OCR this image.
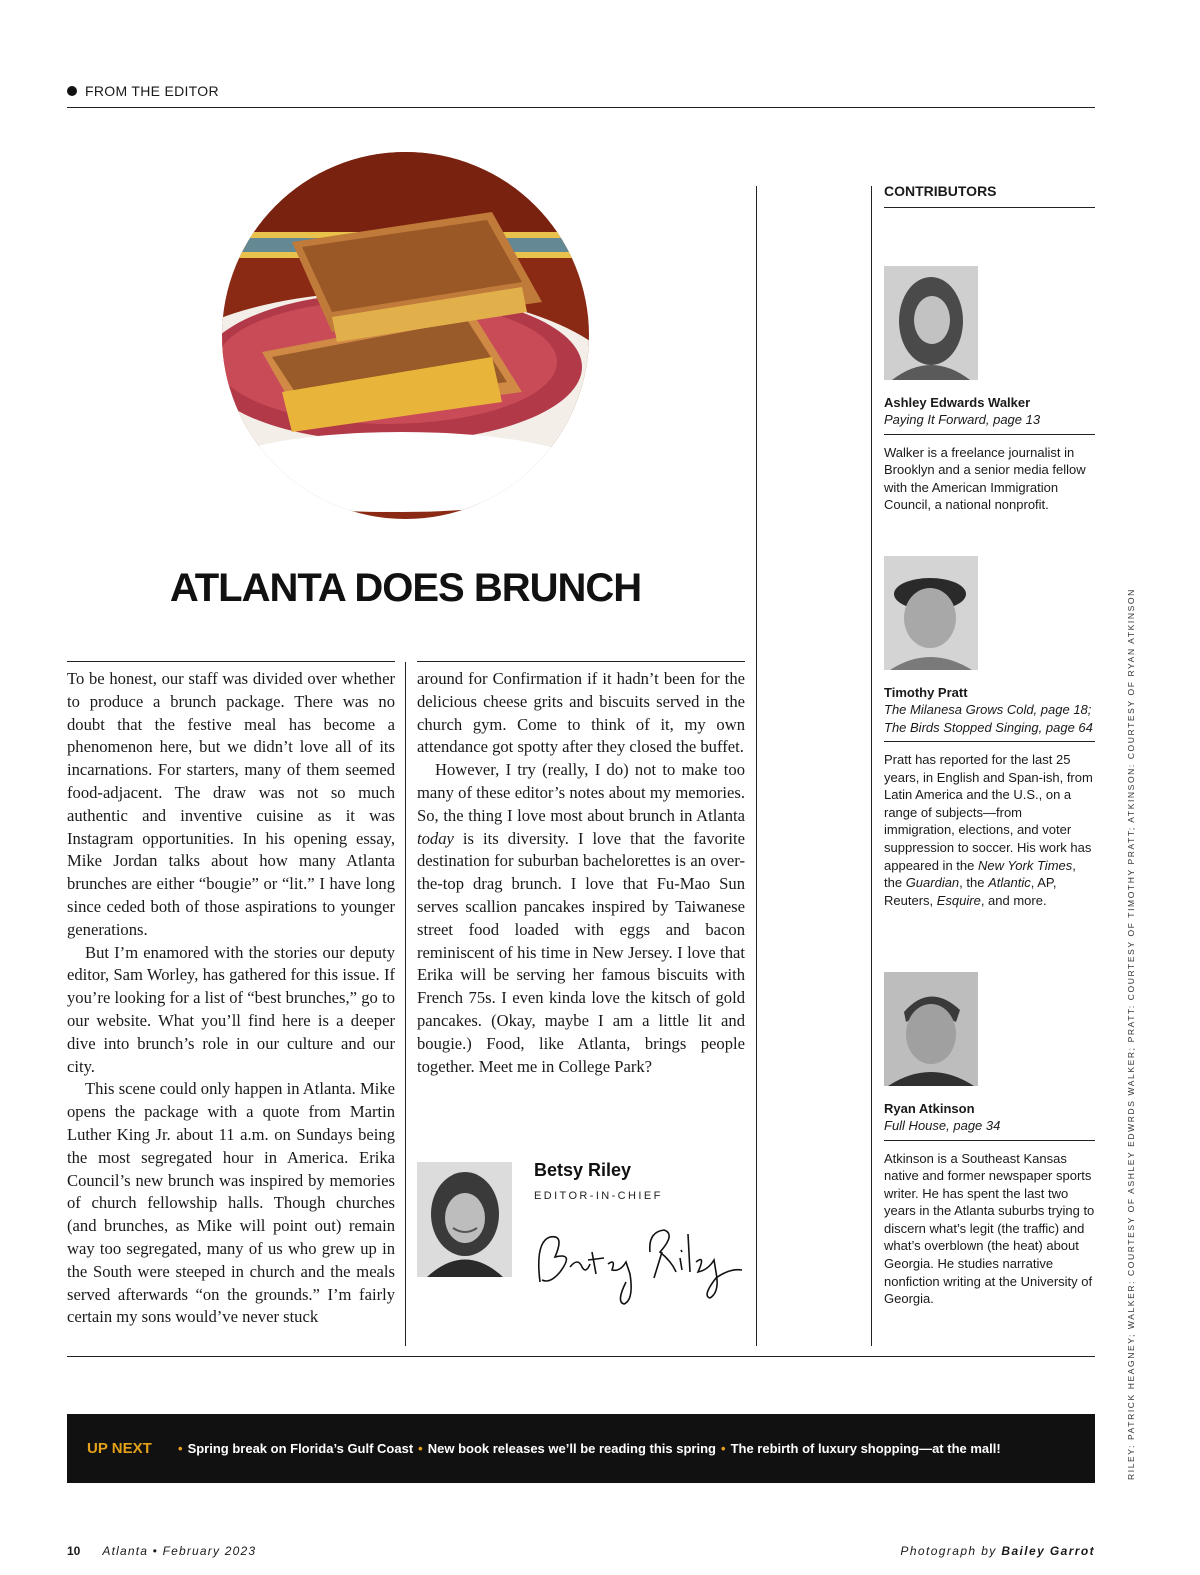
FROM THE EDITOR
ATLANTA DOES BRUNCH

To be honest, our staff was divided over whether to produce a brunch package. There was no doubt that the festive meal has become a phenomenon here, but we didn’t love all of its incarnations. For starters, many of them seemed food-adjacent. The draw was not so much authentic and inventive cuisine as it was Instagram opportunities. In his opening essay, Mike Jordan talks about how many Atlanta brunches are either “bougie” or “lit.” I have long since ceded both of those aspirations to younger generations.

But I’m enamored with the stories our deputy editor, Sam Worley, has gathered for this issue. If you’re looking for a list of “best brunches,” go to our website. What you’ll find here is a deeper dive into brunch’s role in our culture and our city.

This scene could only happen in Atlanta. Mike opens the package with a quote from Martin Luther King Jr. about 11 a.m. on Sundays being the most segregated hour in America. Erika Council’s new brunch was inspired by memories of church fellowship halls. Though churches (and brunches, as Mike will point out) remain way too segregated, many of us who grew up in the South were steeped in church and the meals served afterwards “on the grounds.” I’m fairly certain my sons would’ve never stuck

around for Confirmation if it hadn’t been for the delicious cheese grits and biscuits served in the church gym. Come to think of it, my own attendance got spotty after they closed the buffet.

However, I try (really, I do) not to make too many of these editor’s notes about my memories. So, the thing I love most about brunch in Atlanta today is its diversity. I love that the favorite destination for suburban bachelorettes is an over-the-top drag brunch. I love that Fu-Mao Sun serves scallion pancakes inspired by Taiwanese street food loaded with eggs and bacon reminiscent of his time in New Jersey. I love that Erika will be serving her famous biscuits with French 75s. I even kinda love the kitsch of gold pancakes. (Okay, maybe I am a little lit and bougie.) Food, like Atlanta, brings people together. Meet me in College Park?

Betsy Riley
EDITOR-IN-CHIEF
CONTRIBUTORS
Ashley Edwards Walker
Paying It Forward, page 13
Walker is a freelance journalist in Brooklyn and a senior media fellow with the American Immigration Council, a national nonprofit.
Timothy Pratt
The Milanesa Grows Cold, page 18; The Birds Stopped Singing, page 64
Pratt has reported for the last 25 years, in English and Span-ish, from Latin America and the U.S., on a range of subjects—from immigration, elections, and voter suppression to soccer. His work has appeared in the New York Times, the Guardian, the Atlantic, AP, Reuters, Esquire, and more.
Ryan Atkinson
Full House, page 34
Atkinson is a Southeast Kansas native and former newspaper sports writer. He has spent the last two years in the Atlanta suburbs trying to discern what’s legit (the traffic) and what’s overblown (the heat) about Georgia. He studies narrative nonfiction writing at the University of Georgia.	RILEY: PATRICK HEAGNEY; WALKER: COURTESY OF ASHLEY EDWRDS WALKER; PRATT: COURTESY OF TIMOTHY PRATT; ATKINSON: COURTESY OF RYAN ATKINSON
UP NEXT	• Spring break on Florida’s Gulf Coast • New book releases we’ll be reading this spring • The rebirth of luxury shopping—at the mall!
10 Atlanta • February 2023	Photograph by Bailey Garrot
